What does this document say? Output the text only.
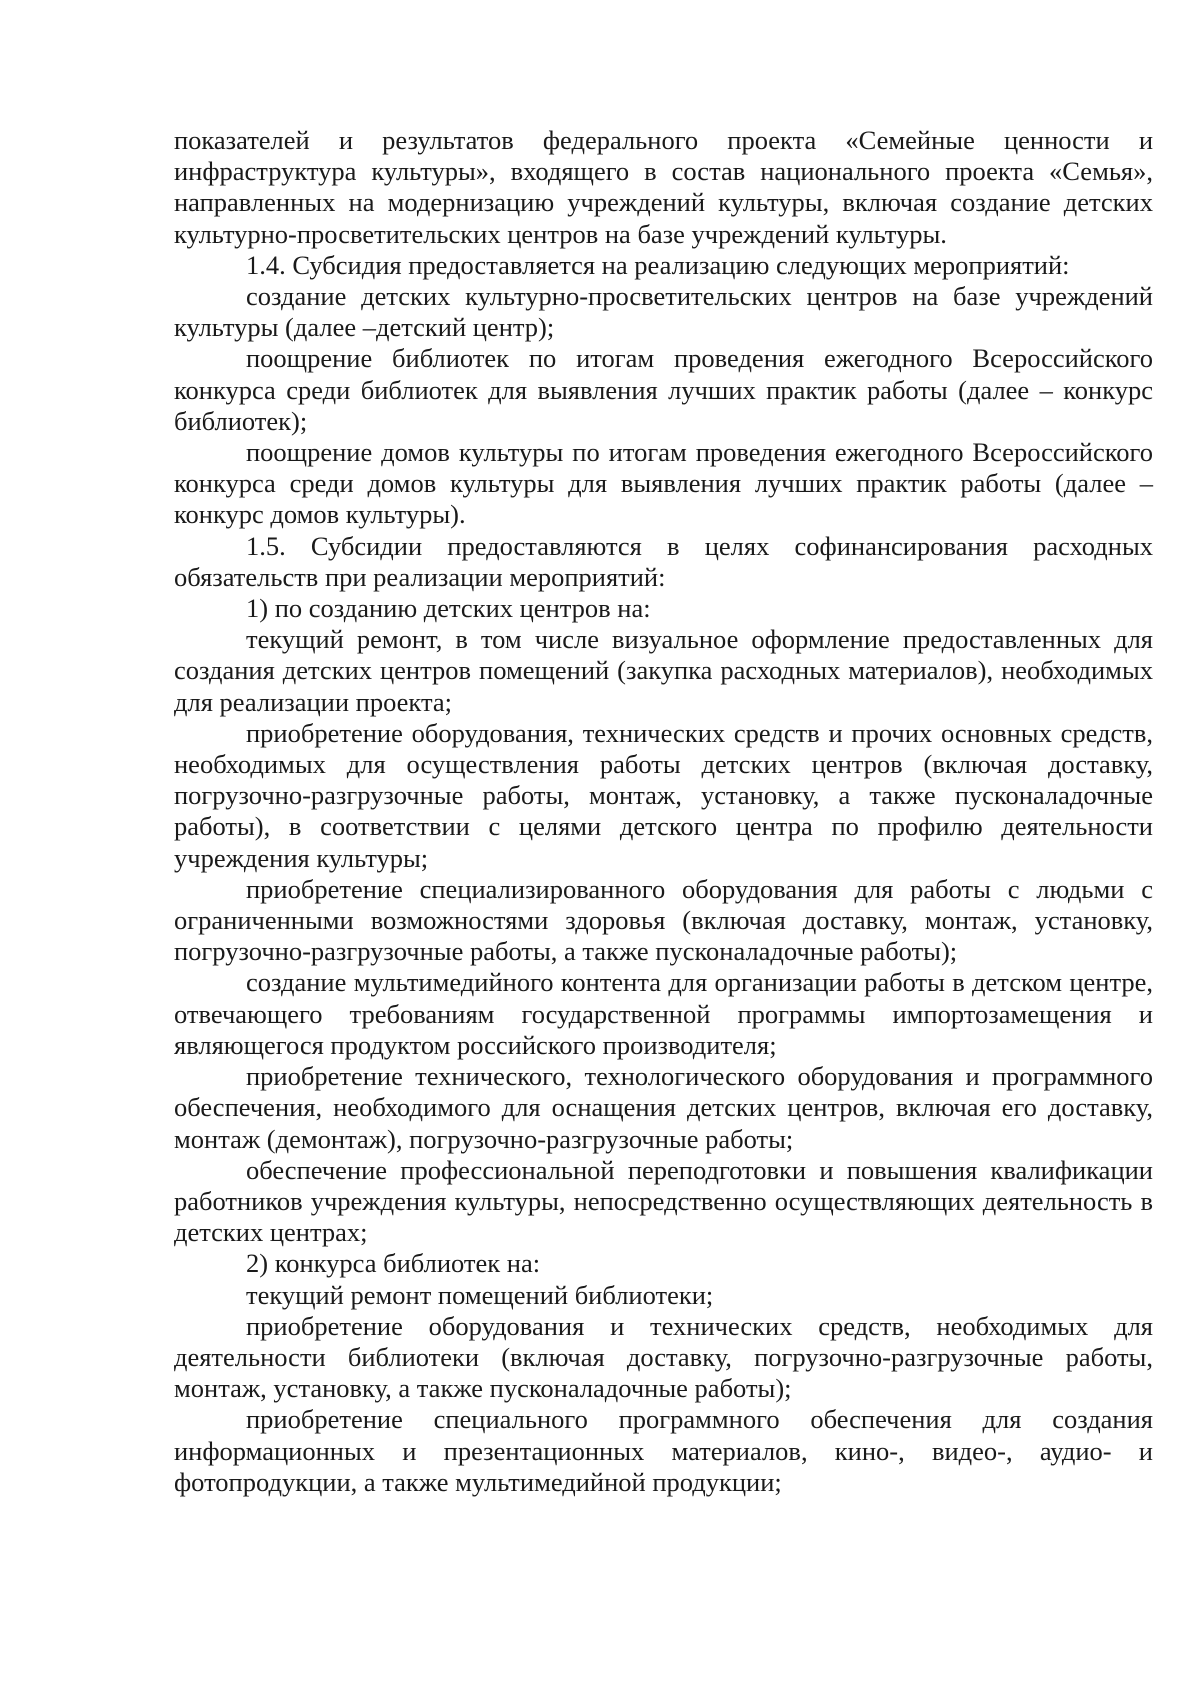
показателей и результатов федерального проекта «Семейные ценности и инфраструктура культуры», входящего в состав национального проекта «Семья», направленных на модернизацию учреждений культуры, включая создание детских культурно-просветительских центров на базе учреждений культуры.

1.4. Субсидия предоставляется на реализацию следующих мероприятий:

создание детских культурно-просветительских центров на базе учреждений культуры (далее –детский центр);

поощрение библиотек по итогам проведения ежегодного Всероссийского конкурса среди библиотек для выявления лучших практик работы (далее – конкурс библиотек);

поощрение домов культуры по итогам проведения ежегодного Всероссийского конкурса среди домов культуры для выявления лучших практик работы (далее – конкурс домов культуры).

1.5. Субсидии предоставляются в целях софинансирования расходных обязательств при реализации мероприятий:

1) по созданию детских центров на:

текущий ремонт, в том числе визуальное оформление предоставленных для создания детских центров помещений (закупка расходных материалов), необходимых для реализации проекта;

приобретение оборудования, технических средств и прочих основных средств, необходимых для осуществления работы детских центров (включая доставку, погрузочно-разгрузочные работы, монтаж, установку, а также пусконаладочные работы), в соответствии с целями детского центра по профилю деятельности учреждения культуры;

приобретение специализированного оборудования для работы с людьми с ограниченными возможностями здоровья (включая доставку, монтаж, установку, погрузочно-разгрузочные работы, а также пусконаладочные работы);

создание мультимедийного контента для организации работы в детском центре, отвечающего требованиям государственной программы импортозамещения и являющегося продуктом российского производителя;

приобретение технического, технологического оборудования и программного обеспечения, необходимого для оснащения детских центров, включая его доставку, монтаж (демонтаж), погрузочно-разгрузочные работы;

обеспечение профессиональной переподготовки и повышения квалификации работников учреждения культуры, непосредственно осуществляющих деятельность в детских центрах;

2) конкурса библиотек на:

текущий ремонт помещений библиотеки;

приобретение оборудования и технических средств, необходимых для деятельности библиотеки (включая доставку, погрузочно-разгрузочные работы, монтаж, установку, а также пусконаладочные работы);

приобретение специального программного обеспечения для создания информационных и презентационных материалов, кино-, видео-, аудио- и фотопродукции, а также мультимедийной продукции;
